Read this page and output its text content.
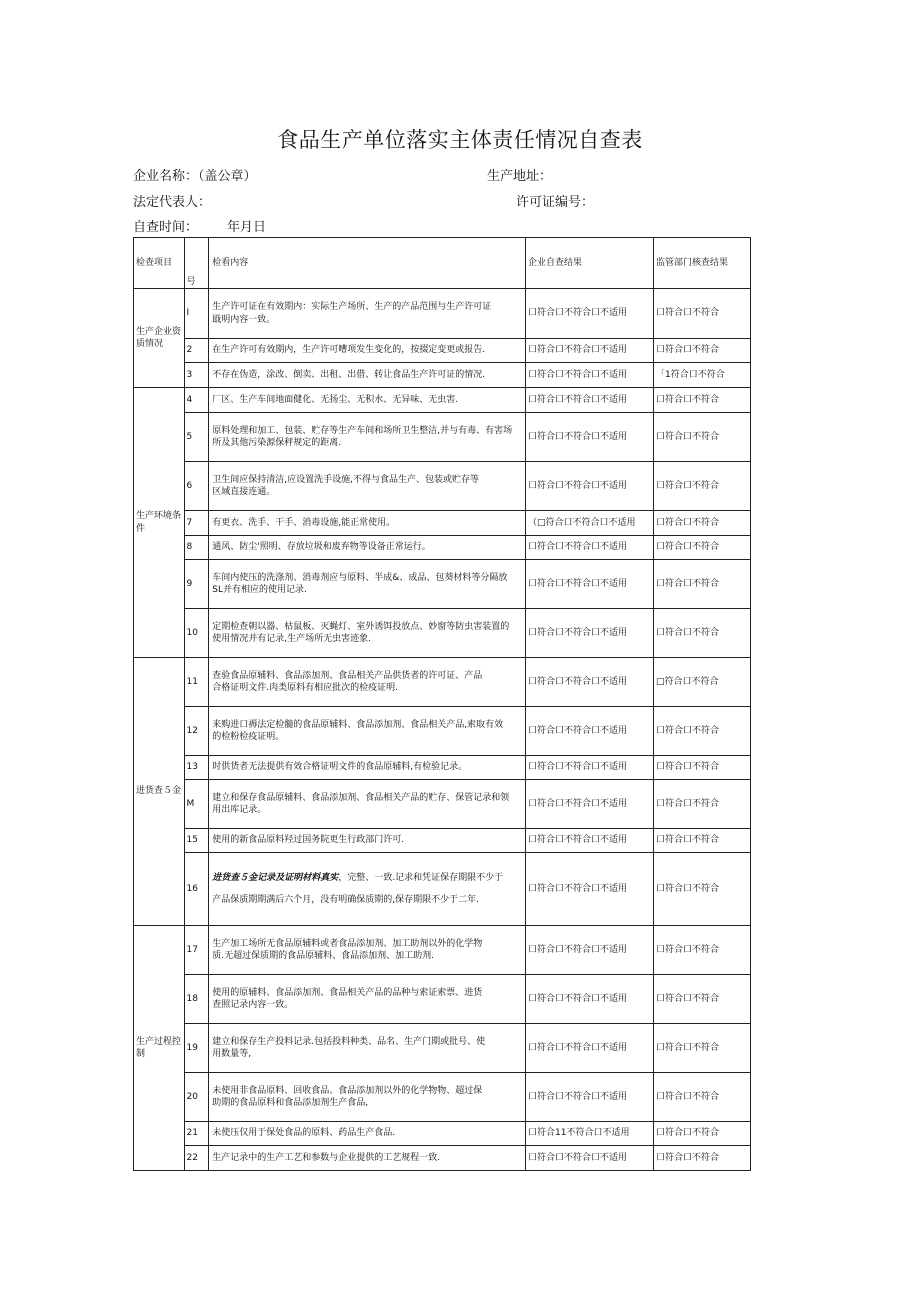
食品生产单位落实主体责任情况自查表
企业名称：（盖公章）	生产地址：
法定代表人：	许可证编号：
自查时间： 年月日
检查项目	号	检看内容	企业自查结果	监管部门核查结果
生产企业资质情况	I	生产许可证在有效期内：实际生产场所、生产的产品范围与生产许可证
戢明内容一致。	口符合口不符合口不适用	口符合口不符合
	2	在生产许可有效期内，生产许可嘈项发生变化的，按掇定变更或报告.	口符合口不符合口不适用	口符合口不符合
	3	不存在伪造，涂改、倒卖、出租、出借、转让食品生产许可证的情况.	口符合口不符合口不适用	「1符合口不符合
生产环境条件	4	厂区、生产车间地面健化、无扬尘、无积水、无异味、无虫害.	口符合口不符合口不适用	口符合口不符合
	5	原料处理和加工、包装、贮存等生产车间和场所卫生整洁,并与有毒、有害场
所及其他污染源保秤规定的距离.	口符合口不符合口不适用	口符合口不符合
	6	卫生间应保持清洁,应设置洗手设施,不得与食品生产、包装或贮存等
区域直接连通。	口符合口不符合口不适用	口符合口不符合
	7	有更衣、洗手、干手、消毒设施,能正常使用。	（□符合口不符合口不适用	口符合口不符合
	8	通风、防尘'照明、存放垃圾和废弃物等设备正常运行。	口符合口不符合口不适用	口符合口不符合
	9	车间内使压的洗涤剂、消毒剂应与原料、半成&、成品、包葵材料等分隔放
SL并有相应的使用记录.	口符合口不符合口不适用	口符合口不符合
	10	定期检查朝以器、枯鼠板、灭蝇灯、室外诱饵投放点、妙窗等防虫害装置的
使用情况并有记录,生产场所无虫害迹象.	口符合口不符合口不适用	口符合口不符合
进货查５金	11	查验食品原辅料、食品添加剂、食品相关产品供货者的许可证、产品
合格证明文件.肉类原料有相应批次的检疫证明.	口符合口不符合口不适用	□符合口不符合
	12	来购进口褥法定检髓的食品原辅料、食品添加剂、食品相关产品,索取有效
的检粉检疫证明。	口符合口不符合口不适用	口符合口不符合
	13	时供货者无法提供有效合格证明文件的食品原辅料,有检验记录。	口符合口不符合口不适用	口符合口不符合
	M	建立和保存食品原辅料、食品添加剂、食品相关产品的贮存、保管记录和领
用出库记录。	口符合口不符合口不适用	口符合口不符合
	15	使用的新食品原料羟过国务院更生行政部门许可.	口符合口不符合口不适用	口符合口不符合
	16	进货查５金记录及证明材料真实，完整、一致.记求和凭证保存期限不少于
产品保质期期满后六个月，没有明确保质期的,保存期限不少于二年.	口符合口不符合口不适用	口符合口不符合
生产过程控制	17	生产加工场所无食品原辅料或者食品添加剂、加工助剂以外的化学物
质.无超过保质期的食品原辅料、食品添加剂、加工助剂.	口符合口不符合口不适用	口符合口不符合
	18	使用的原辅料、食品添加剂、食品相关产品的品种与索证索票、进货
查照记录内容一致。	口符合口不符合口不适用	口符合口不符合
	19	建立和保存生产投料记录.包括投料种类、品名、生产门期或批号、使
用数量等,	口符合口不符合口不适用	口符合口不符合
	20	未使用非食品原料、回收食品、食品添加剂以外的化学物物、超过保
助期的食品原料和食品添加剂生产食品,	口符合口不符合口不适用	口符合口不符合
	21	未使压仅用于保处食品的原料、药品生产食品.	口符合11不符合口不适用	口符合口不符合
	22	生产记录中的生产工艺和参数与企业提供的工艺规程一致.	口符合口不符合口不适用	口符合口不符合
